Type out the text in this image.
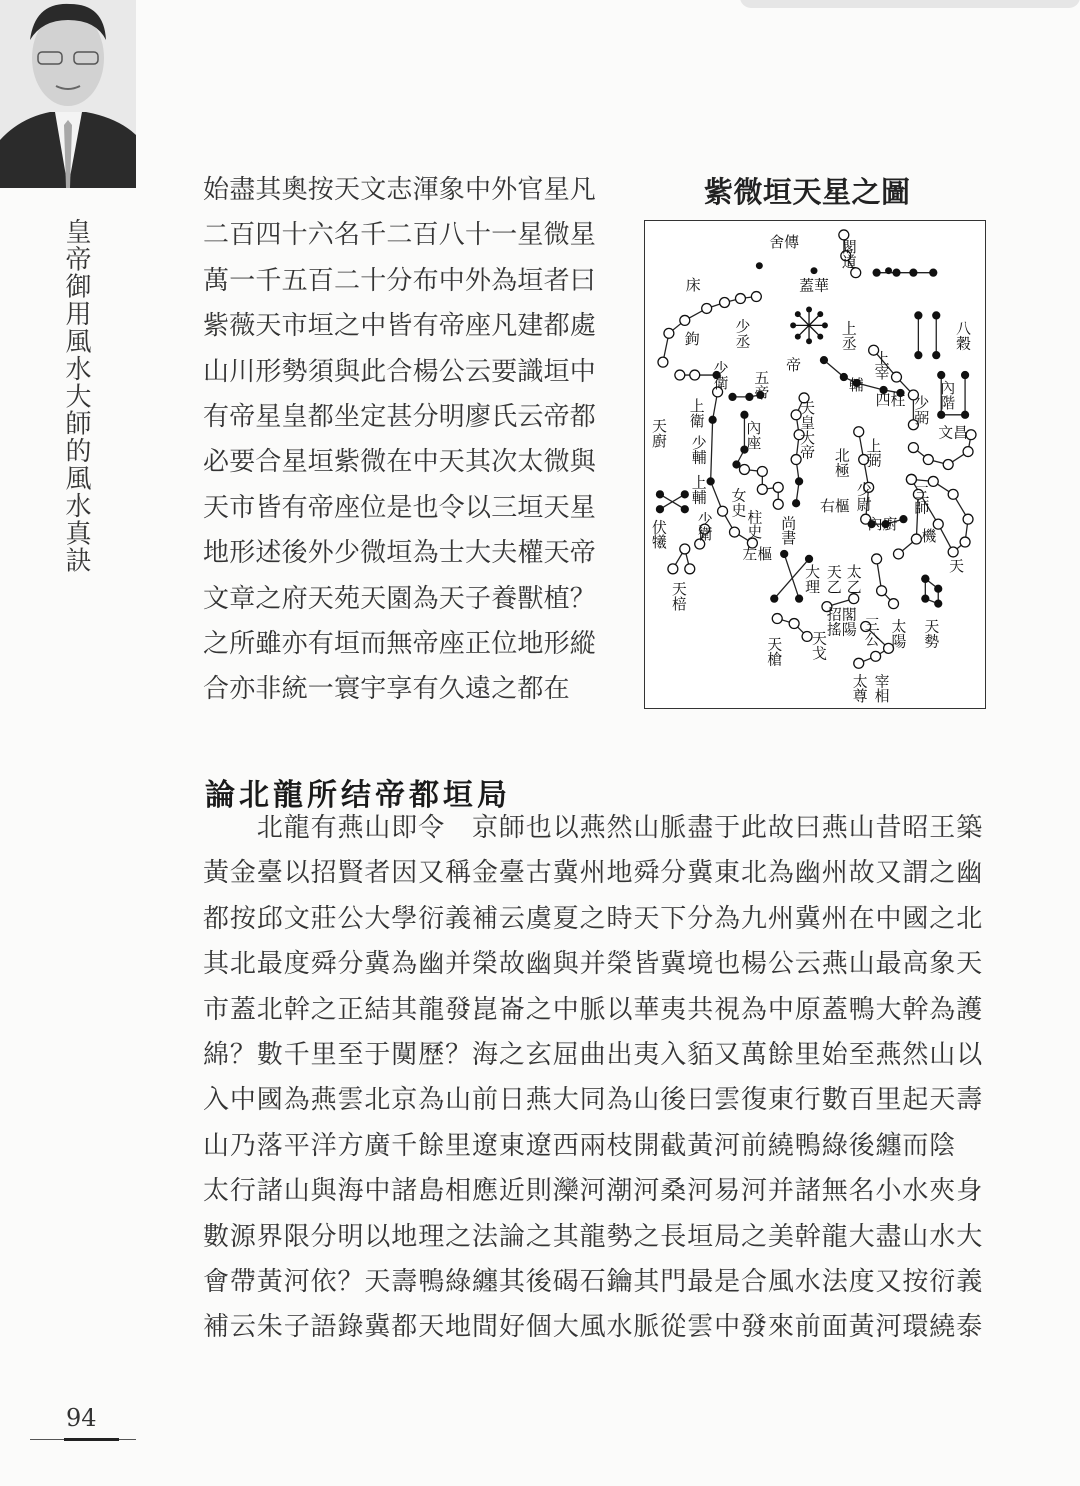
皇帝御用風水大師的風水真訣
始盡其奧按天文志渾象中外官星凡
二百四十六名千二百八十一星微星
萬一千五百二十分布中外為垣者曰
紫薇天市垣之中皆有帝座凡建都處
山川形勢須與此合楊公云要識垣中
有帝星皇都坐定甚分明廖氏云帝都
必要合星垣紫微在中天其次太微與
天市皆有帝座位是也令以三垣天星
地形述後外少微垣為士大夫權天帝
文章之府天苑天園為天子養獸植？
之所雖亦有垣而無帝座正位地形縱
合亦非統一寰宇享有久遠之都在
紫微垣天星之圖
舍傳	閣道
蓋華
上丞
床
少丞
鉤
少衛 五帝
帝
內座 天皇大帝
上衛
天廚
少輔
上輔
伏犧 少衛
女史
柱史 尚書
右樞
左樞
天棓
大理 天乙 太乙
天槍 天戈
招搖
閣陽 三公 太陽
太尊 宰相
天勢
天
機
內廚
少尉
北極 上弼
文昌
三師
四柱
輔
少弼
上宰
內階
八穀
論北龍所结帝都垣局
　　北龍有燕山即令　京師也以燕然山脈盡于此故曰燕山昔昭王築
黃金臺以招賢者因又稱金臺古冀州地舜分冀東北為幽州故又謂之幽
都按邱文莊公大學衍義補云虞夏之時天下分為九州冀州在中國之北
其北最度舜分冀為幽并榮故幽與并榮皆冀境也楊公云燕山最高象天
市蓋北幹之正結其龍發崑崙之中脈以華夷共視為中原蓋鴨大幹為護
綿？數千里至于闃歷？海之玄屈曲出夷入貊又萬餘里始至燕然山以
入中國為燕雲北京為山前日燕大同為山後曰雲復東行數百里起天壽
山乃落平洋方廣千餘里遼東遼西兩枝開截黃河前繞鴨綠後纏而陰
太行諸山與海中諸島相應近則灤河潮河桑河易河并諸無名小水夾身
數源界限分明以地理之法論之其龍勢之長垣局之美幹龍大盡山水大
會帶黃河依？天壽鴨綠纏其後碣石鑰其門最是合風水法度又按衍義
補云朱子語錄冀都天地間好個大風水脈從雲中發來前面黃河環繞泰
94
